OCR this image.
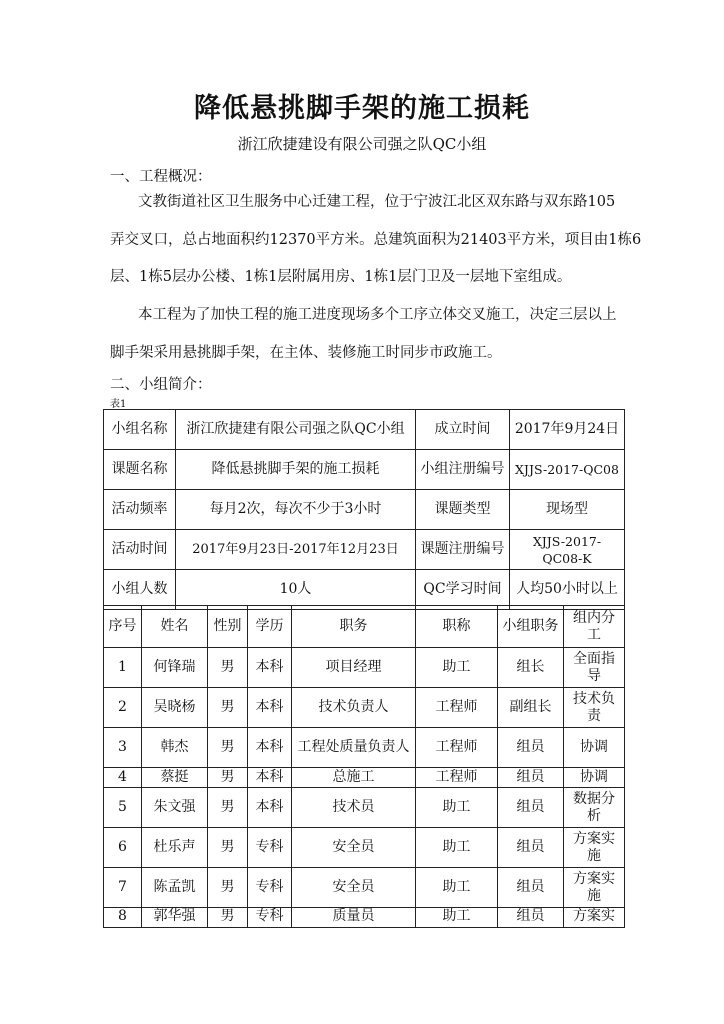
降低悬挑脚手架的施工损耗
浙江欣捷建设有限公司强之队QC小组
一、工程概况：
文教街道社区卫生服务中心迁建工程，位于宁波江北区双东路与双东路105
弄交叉口，总占地面积约12370平方米。总建筑面积为21403平方米，项目由1栋6
层、1栋5层办公楼、1栋1层附属用房、1栋1层门卫及一层地下室组成。
本工程为了加快工程的施工进度现场多个工序立体交叉施工，决定三层以上
脚手架采用悬挑脚手架，在主体、装修施工时同步市政施工。
二、小组简介：
表1
小组名称	浙江欣捷建有限公司强之队QC小组	成立时间	2017年9月24日
课题名称	降低悬挑脚手架的施工损耗	小组注册编号	XJJS-2017-QC08
活动频率	每月2次，每次不少于3小时	课题类型	现场型
活动时间	2017年9月23日-2017年12月23日	课题注册编号	XJJS-2017-QC08-K
小组人数	10人	QC学习时间	人均50小时以上
序号	姓名	性别	学历	职务	职称	小组职务	组内分工
1	何锋瑞	男	本科	项目经理	助工	组长	全面指导
2	吴晓杨	男	本科	技术负责人	工程师	副组长	技术负责
3	韩杰	男	本科	工程处质量负责人	工程师	组员	协调
4	蔡挺	男	本科	总施工	工程师	组员	协调
5	朱文强	男	本科	技术员	助工	组员	数据分析
6	杜乐声	男	专科	安全员	助工	组员	方案实施
7	陈孟凯	男	专科	安全员	助工	组员	方案实施
8	郭华强	男	专科	质量员	助工	组员	方案实
